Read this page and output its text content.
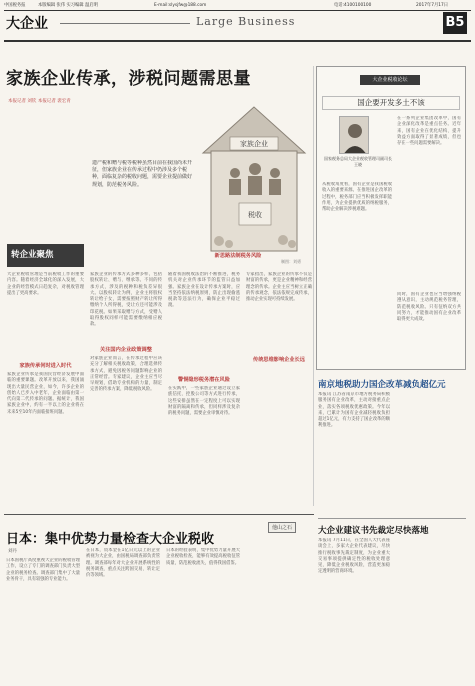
中国税务报	本版编辑 张伟 实习编辑 温启明	E-mail:slysjfw@188.com	电话:4100100100	2017年7月17日
大企业	Large Business	B5
家族企业传承，涉税问题需思量
本报记者 刘钦 本报记者 裴宏青
遗产税和赠与税等税种虽然目前在我国尚未开征，但家族企业在传承过程中仍涉及多个税种，面临复杂的税收问题，需要企业提前做好规划，防范税务风险。
家族企业
税收
制图：刘勇
转企业聚焦
大企业税收管理是当前税收工作的重要内容。随着经济全球化的深入发展，大企业的经营模式日趋复杂，对税收管理提出了更高要求。
家族传承何时进入时代
家族企业传承是我国民营经济发展中面临的重要课题。改革开放以来，我国涌现出大量民营企业，如今，许多企业的创始人已步入中老年，企业面临由第一代向第二代传承的问题。据统计，我国家族企业中，约有一半以上的企业将在未来5至10年内面临接班问题。
家族企业的传承方式多种多样，包括股权转让、赠与、继承等。不同的传承方式，涉及的税种和税负差异很大。以股权转让为例，企业主将股权转让给子女，需要按照财产转让所得缴纳个人所得税，受让方还可能涉及印花税。如果采取赠与方式，受赠人取得股权同样可能需要缴纳相应税款。
关注国内企业政策调整
对家族企业而言，在传承过程中应该充分了解相关税收政策，合理选择传承方式，避免因税务问题影响企业的正常经营。专家建议，企业主应当尽早规划，借助专业机构的力量，制定完善的传承方案，降低税收风险。
随着我国税收法治的不断推进，税务机关对企业传承环节的监管日益加强。家族企业在设计传承方案时，应当坚持依法纳税原则，防止出现偷逃税款等违法行为，确保企业平稳过渡。
警惕隐形税务潜在风险
在实践中，一些家族企业通过设立家族信托、控股公司等方式进行传承，这些安排虽然在一定程度上可以实现财富的隔离和传承，但同样涉及复杂的税务问题，需要企业审慎对待。
专家指出，家族企业的传承不仅是财富的传承，更是企业精神和经营理念的传承。企业主应当树立正确的传承观念，依法依规完成传承，推动企业实现可持续发展。
传统思维影响企业长远
新思路法制税务风险
大企业税收论坛
国企要开发多土不该
国家税务总局大企业税收管理司副司长 王晓
在一系列企业集团改革中，国有企业深化改革是重点任务。近年来，国有企业在优化结构、提升效益方面取得了显著成绩，但也存在一些问题需要解决。
从税收角度看，国有企业是我国税收收入的重要来源。在推进国企改革的过程中，税务部门应当积极发挥职能作用，为企业提供优质的纳税服务，帮助企业解决涉税难题。
同时，国有企业也应当增强纳税遵从意识，主动规范税务管理，防范税收风险。只有征纳双方共同努力，才能推动国有企业改革取得更大成效。
南京地税助力国企改革减负超亿元
本报讯 江苏省南京市地方税务局积极服务国有企业改革，主动对接重点企业，落实各项税收优惠政策。今年以来，已累计为国有企业减轻税收负担超过1亿元，有力支持了国企改革的顺利推进。
大企业建议书先裁定尽快落地
本报讯 7月11日，在全国人大代表座谈会上，多家大企业代表建议，尽快推行税收事先裁定制度，为企业重大交易事项提供确定性的税收处理意见，降低企业税收风险，营造更加稳定透明的营商环境。
他山之石
日本：集中优势力量检查大企业税收
刘丹
日本国税厅高度重视大企业的税收管理工作，设立了专门的调查部门负责大型企业的税务检查。调查部门集中了大量业务骨干，具有较强的专业能力。
在日本，资本金在1亿日元以上的企业被视为大企业，由国税局调查部负责管理。调查部每年对大企业开展系统性的税务调查，重点关注跨国交易、转让定价等领域。
日本的经验表明，集中优势力量开展大企业税收检查，能够有效提高税收征管质量，防范税收流失，值得我国借鉴。
